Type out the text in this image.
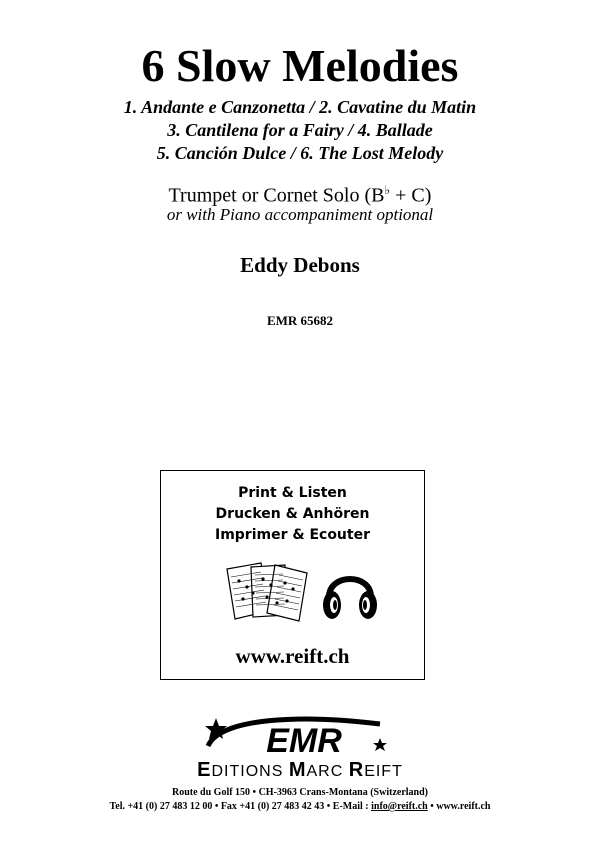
6 Slow Melodies
1. Andante e Canzonetta / 2. Cavatine du Matin
3. Cantilena for a Fairy / 4. Ballade
5. Canción Dulce / 6. The Lost Melody
Trumpet or Cornet Solo (B♭ + C)
or with Piano accompaniment optional
Eddy Debons
EMR 65682
Print & Listen
Drucken & Anhören
Imprimer & Ecouter
www.reift.ch
EMR
EDITIONS MARC REIFT
Route du Golf 150 • CH-3963 Crans-Montana (Switzerland)
Tel. +41 (0) 27 483 12 00 • Fax +41 (0) 27 483 42 43 • E-Mail : info@reift.ch • www.reift.ch
